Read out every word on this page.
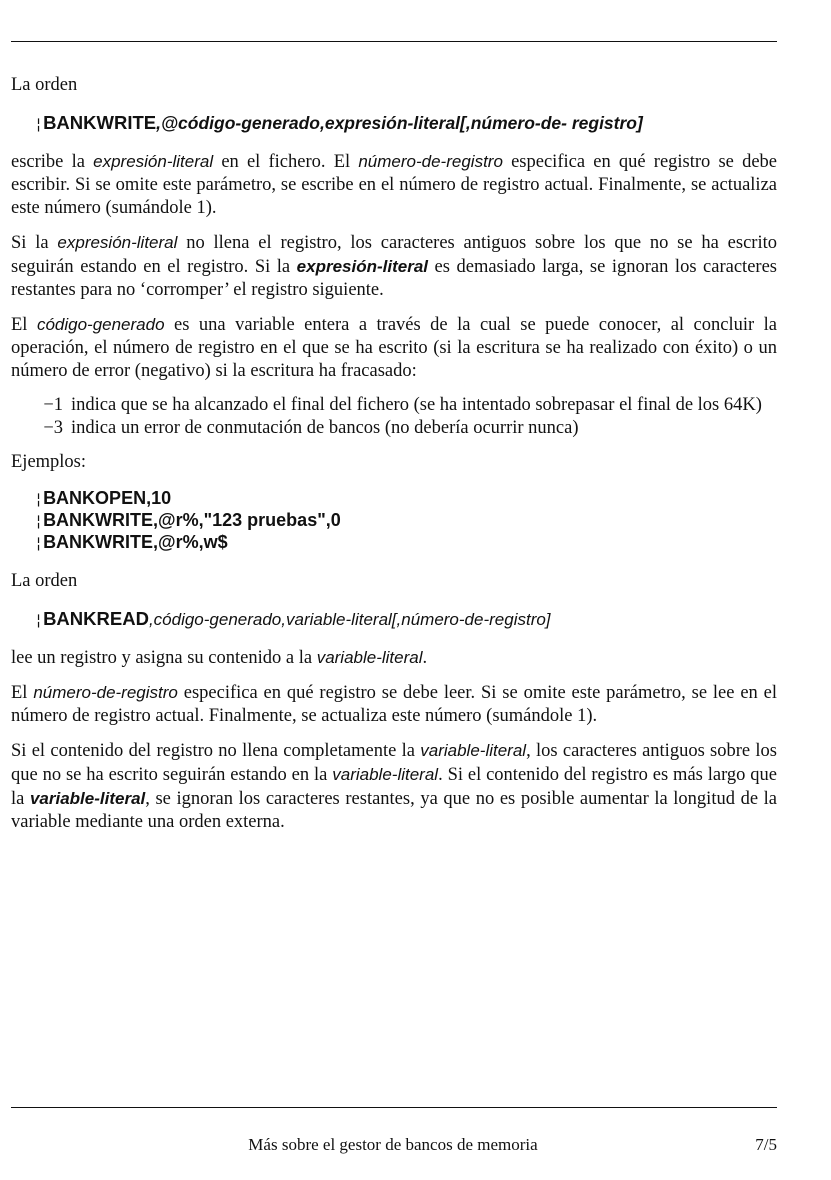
La orden

¦ BANKWRITE,@código-generado,expresión-literal[,número-de- registro]

escribe la expresión-literal en el fichero. El número-de-registro especifica en qué registro se debe escribir. Si se omite este parámetro, se escribe en el número de registro actual. Finalmente, se actualiza este número (sumándole 1).

Si la expresión-literal no llena el registro, los caracteres antiguos sobre los que no se ha escrito seguirán estando en el registro. Si la expresión-literal es demasiado larga, se ignoran los caracteres restantes para no ‘corromper’ el registro siguiente.

El código-generado es una variable entera a través de la cual se puede conocer, al concluir la operación, el número de registro en el que se ha escrito (si la escritura se ha realizado con éxito) o un número de error (negativo) si la escritura ha fracasado:

−1 indica que se ha alcanzado el final del fichero (se ha intentado sobrepasar el final de los 64K)
−3 indica un error de conmutación de bancos (no debería ocurrir nunca)

Ejemplos:

¦ BANKOPEN,10
¦ BANKWRITE,@r%,"123 pruebas",0
¦ BANKWRITE,@r%,w$

La orden

¦ BANKREAD,código-generado,variable-literal[,número-de-registro]

lee un registro y asigna su contenido a la variable-literal.

El número-de-registro especifica en qué registro se debe leer. Si se omite este parámetro, se lee en el número de registro actual. Finalmente, se actualiza este número (sumándole 1).

Si el contenido del registro no llena completamente la variable-literal, los caracteres antiguos sobre los que no se ha escrito seguirán estando en la variable-literal. Si el contenido del registro es más largo que la variable-literal, se ignoran los caracteres restantes, ya que no es posible aumentar la longitud de la variable mediante una orden externa.

Más sobre el gestor de bancos de memoria	7/5
